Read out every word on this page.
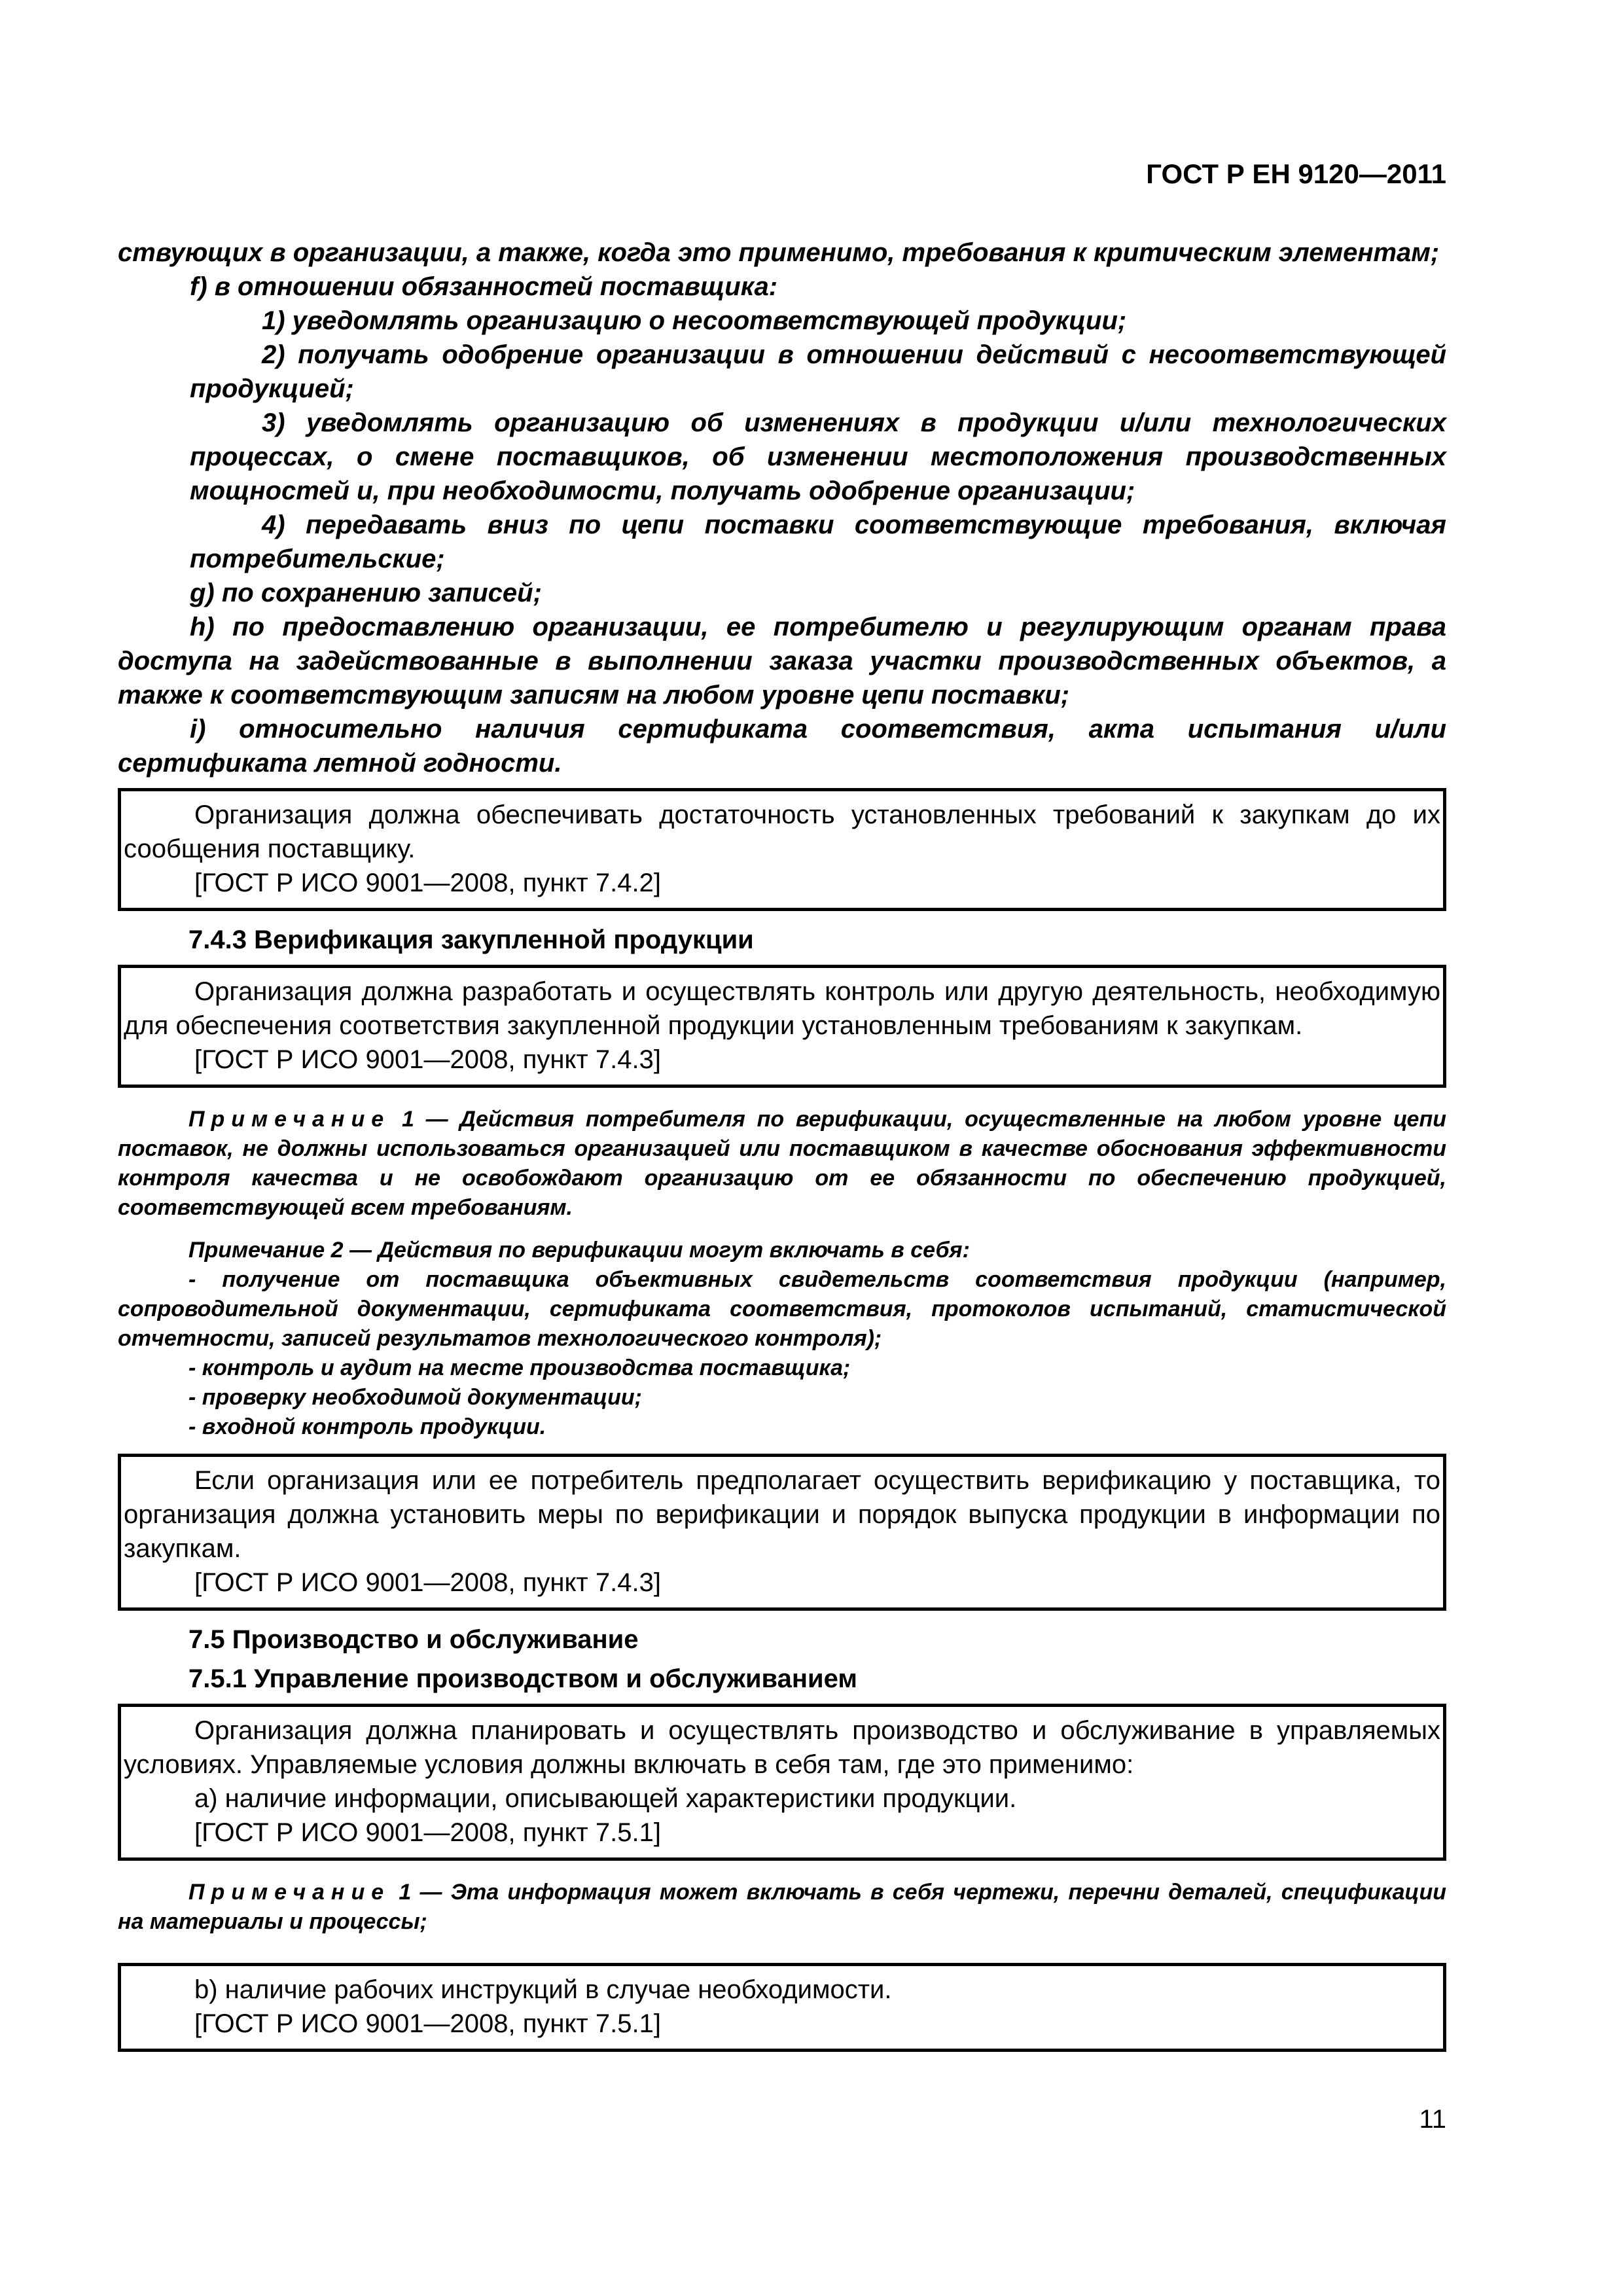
ГОСТ Р ЕН 9120—2011

ствующих в организации, а также, когда это применимо, требования к критическим элементам;

f) в отношении обязанностей поставщика:

1) уведомлять организацию о несоответствующей продукции;

2) получать одобрение организации в отношении действий с несоответствующей продукцией;

3) уведомлять организацию об изменениях в продукции и/или технологических процессах, о смене поставщиков, об изменении местоположения производственных мощностей и, при необходимости, получать одобрение организации;

4) передавать вниз по цепи поставки соответствующие требования, включая потребительские;

g) по сохранению записей;

h) по предоставлению организации, ее потребителю и регулирующим органам права доступа на задействованные в выполнении заказа участки производственных объектов, а также к соответствующим записям на любом уровне цепи поставки;

i) относительно наличия сертификата соответствия, акта испытания и/или сертификата летной годности.

Организация должна обеспечивать достаточность установленных требований к закупкам до их сообщения поставщику.

[ГОСТ Р ИСО 9001—2008, пункт 7.4.2]

7.4.3 Верификация закупленной продукции

Организация должна разработать и осуществлять контроль или другую деятельность, необходимую для обеспечения соответствия закупленной продукции установленным требованиям к закупкам.

[ГОСТ Р ИСО 9001—2008, пункт 7.4.3]

Примечание 1 — Действия потребителя по верификации, осуществленные на любом уровне цепи поставок, не должны использоваться организацией или поставщиком в качестве обоснования эффективности контроля качества и не освобождают организацию от ее обязанности по обеспечению продукцией, соответствующей всем требованиям.

Примечание 2 — Действия по верификации могут включать в себя:

- получение от поставщика объективных свидетельств соответствия продукции (например, сопроводительной документации, сертификата соответствия, протоколов испытаний, статистической отчетности, записей результатов технологического контроля);

- контроль и аудит на месте производства поставщика;
- проверку необходимой документации;
- входной контроль продукции.

Если организация или ее потребитель предполагает осуществить верификацию у поставщика, то организация должна установить меры по верификации и порядок выпуска продукции в информации по закупкам.

[ГОСТ Р ИСО 9001—2008, пункт 7.4.3]

7.5 Производство и обслуживание
7.5.1 Управление производством и обслуживанием

Организация должна планировать и осуществлять производство и обслуживание в управляемых условиях. Управляемые условия должны включать в себя там, где это применимо:

a) наличие информации, описывающей характеристики продукции.

[ГОСТ Р ИСО 9001—2008, пункт 7.5.1]

Примечание 1 — Эта информация может включать в себя чертежи, перечни деталей, спецификации на материалы и процессы;

b) наличие рабочих инструкций в случае необходимости.

[ГОСТ Р ИСО 9001—2008, пункт 7.5.1]

11
